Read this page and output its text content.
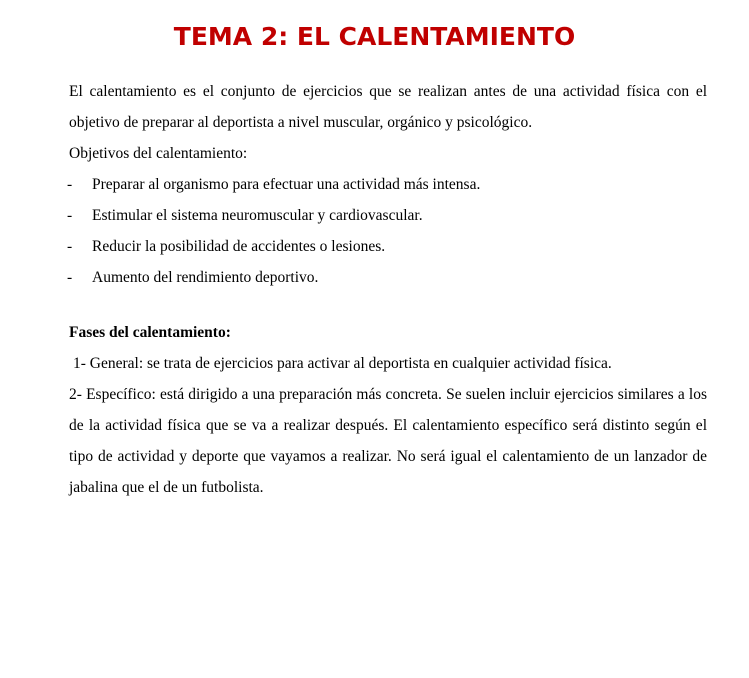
TEMA 2: EL CALENTAMIENTO

El calentamiento es el conjunto de ejercicios que se realizan antes de una actividad física con el objetivo de preparar al deportista a nivel muscular, orgánico y psicológico.

Objetivos del calentamiento:

- Preparar al organismo para efectuar una actividad más intensa.
- Estimular el sistema neuromuscular y cardiovascular.
- Reducir la posibilidad de accidentes o lesiones.
- Aumento del rendimiento deportivo.

Fases del calentamiento:

1- General: se trata de ejercicios para activar al deportista en cualquier actividad física.

2- Específico: está dirigido a una preparación más concreta. Se suelen incluir ejercicios similares a los de la actividad física que se va a realizar después. El calentamiento específico será distinto según el tipo de actividad y deporte que vayamos a realizar. No será igual el calentamiento de un lanzador de jabalina que el de un futbolista.
